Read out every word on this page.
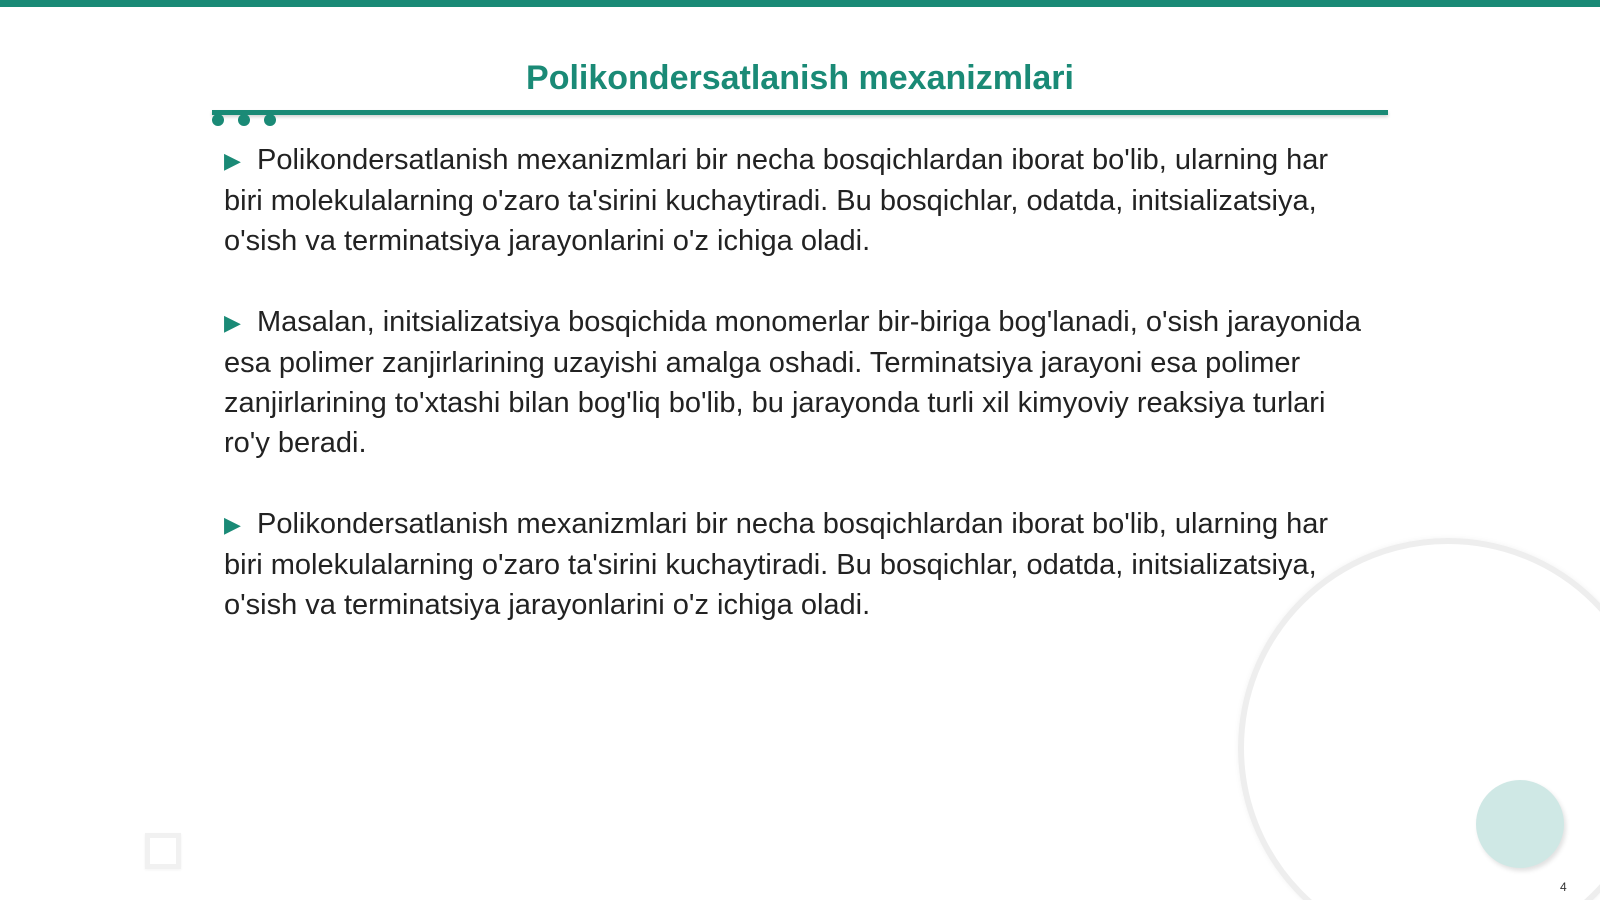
Polikondersatlanish mexanizmlari

▶ Polikondersatlanish mexanizmlari bir necha bosqichlardan iborat bo'lib, ularning har biri molekulalarning o'zaro ta'sirini kuchaytiradi. Bu bosqichlar, odatda, initsializatsiya, o'sish va terminatsiya jarayonlarini o'z ichiga oladi.

▶ Masalan, initsializatsiya bosqichida monomerlar bir-biriga bog'lanadi, o'sish jarayonida esa polimer zanjirlarining uzayishi amalga oshadi. Terminatsiya jarayoni esa polimer zanjirlarining to'xtashi bilan bog'liq bo'lib, bu jarayonda turli xil kimyoviy reaksiya turlari ro'y beradi.

▶ Polikondersatlanish mexanizmlari bir necha bosqichlardan iborat bo'lib, ularning har biri molekulalarning o'zaro ta'sirini kuchaytiradi. Bu bosqichlar, odatda, initsializatsiya, o'sish va terminatsiya jarayonlarini o'z ichiga oladi.

4
